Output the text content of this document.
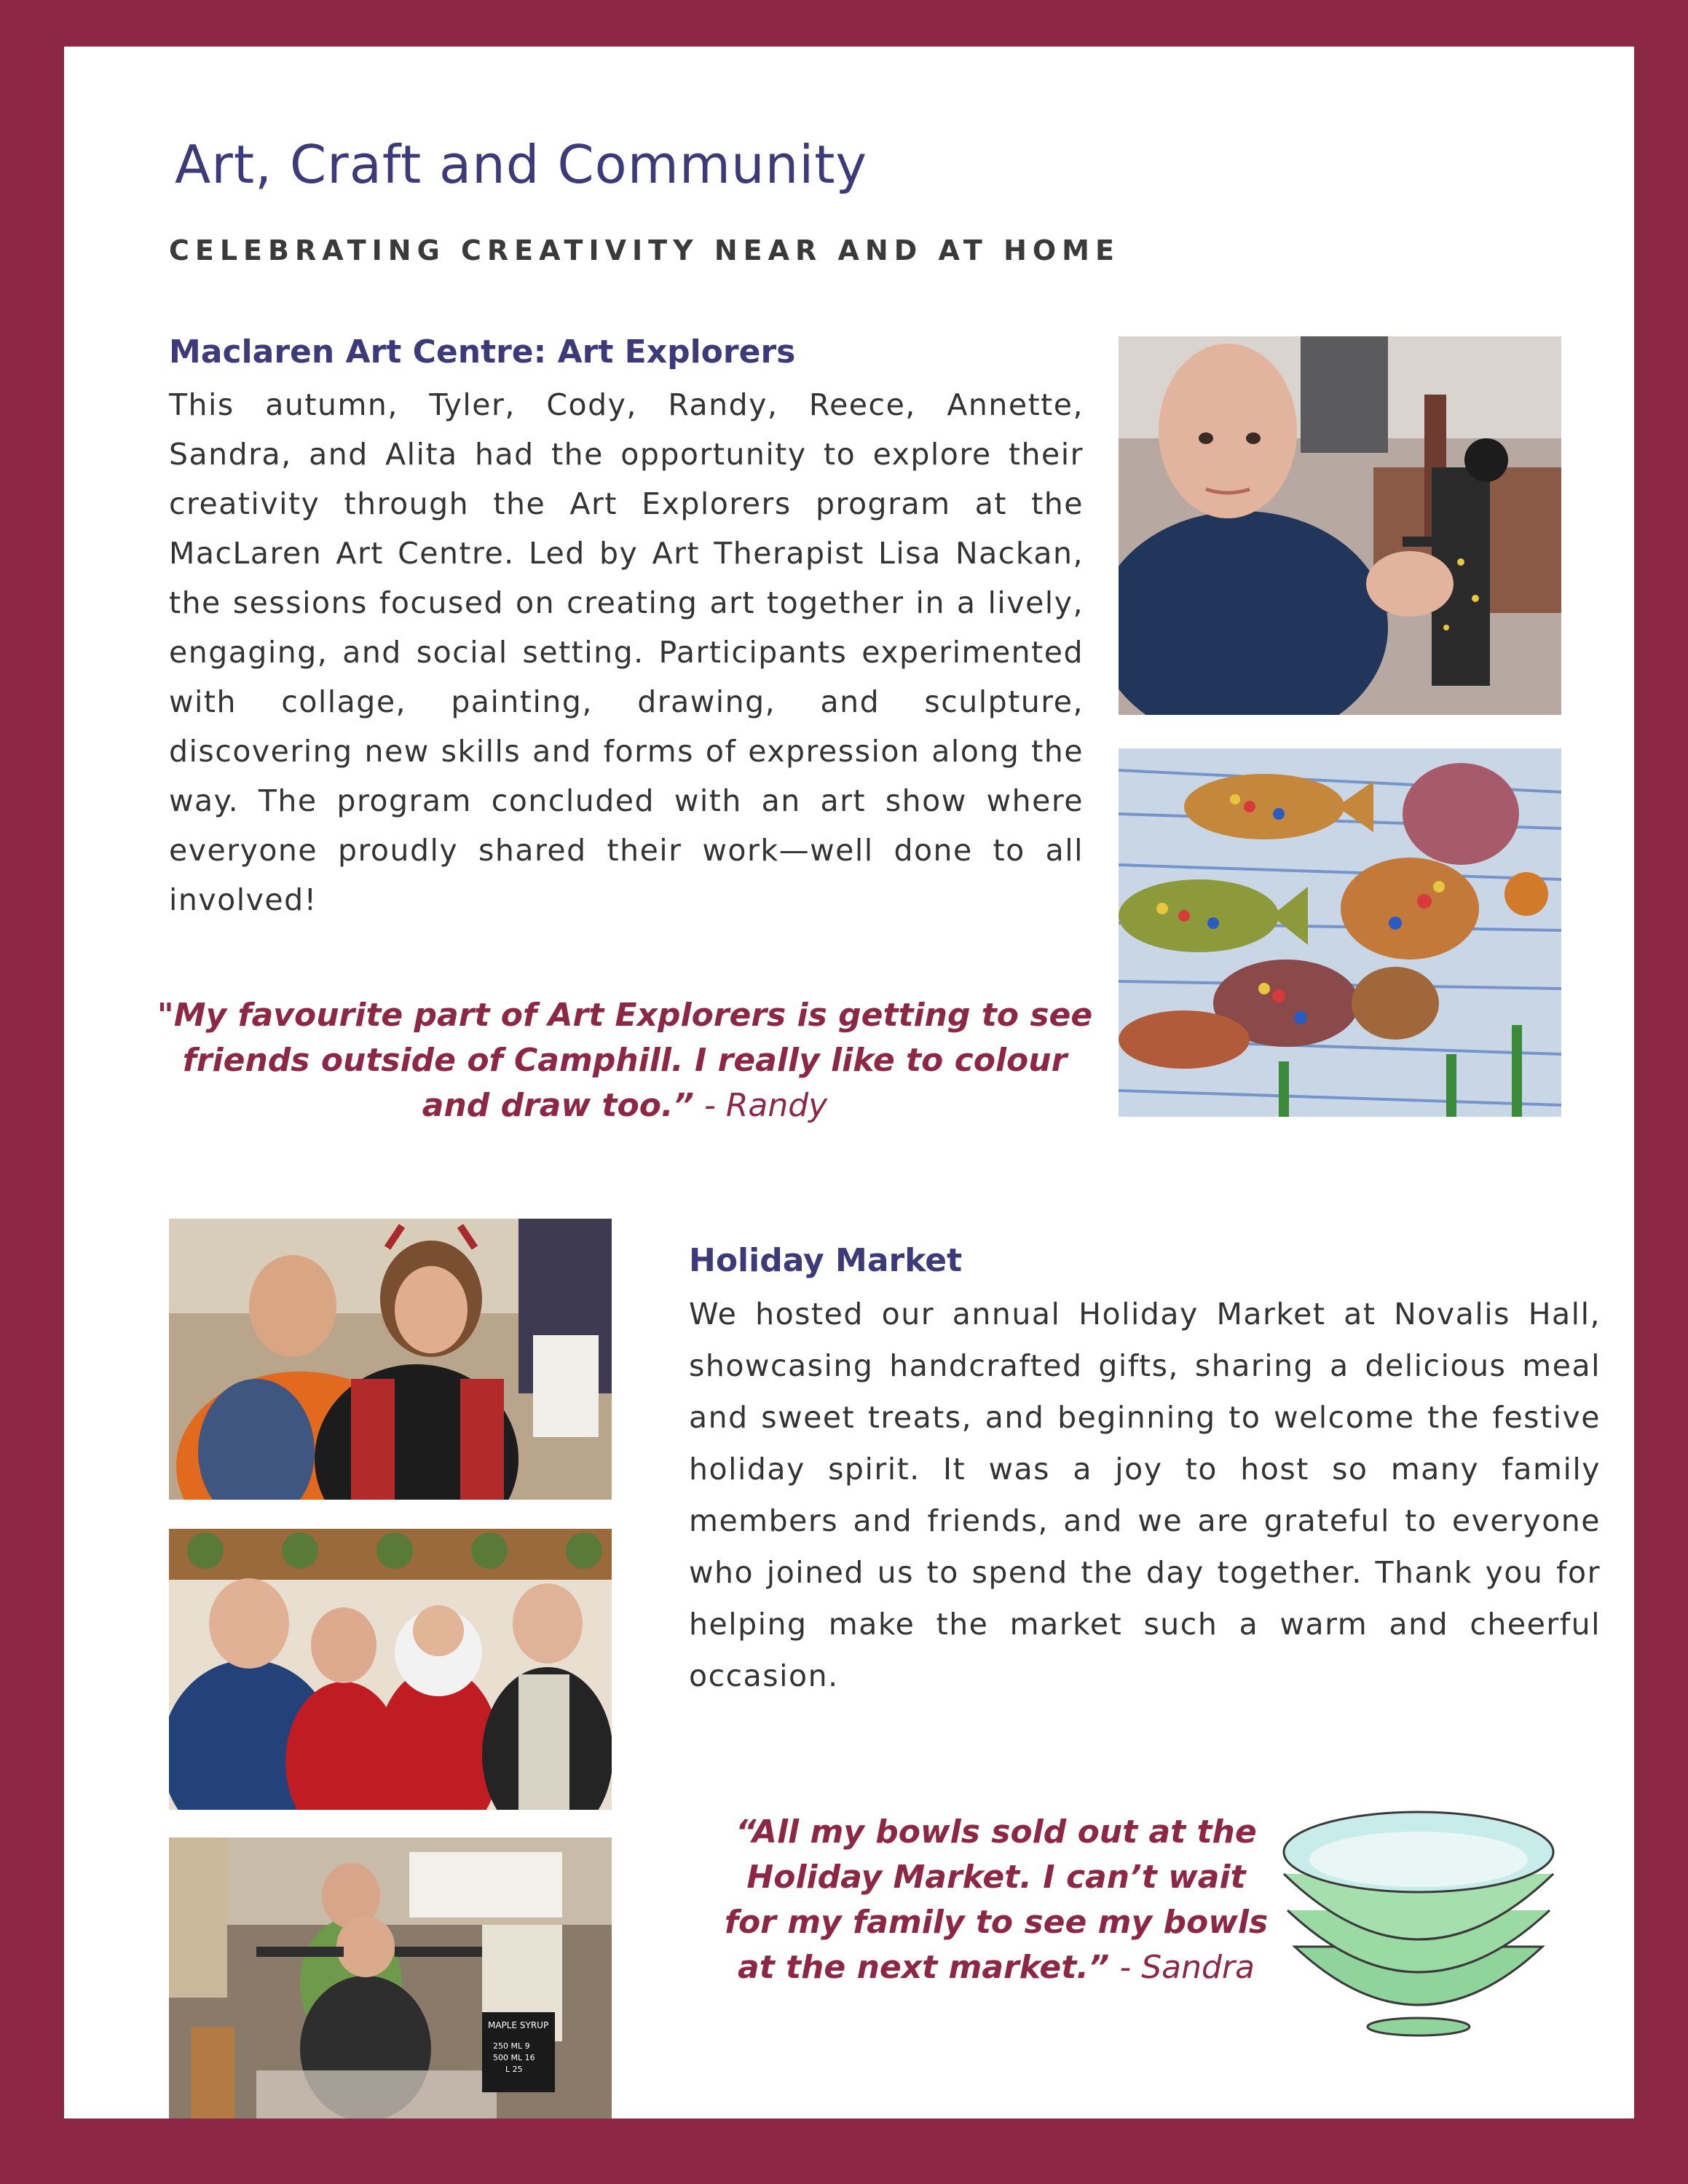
Art, Craft and Community
CELEBRATING CREATIVITY NEAR AND AT HOME
Maclaren Art Centre: Art Explorers
This autumn, Tyler, Cody, Randy, Reece, Annette, Sandra, and Alita had the opportunity to explore their creativity through the Art Explorers program at the MacLaren Art Centre. Led by Art Therapist Lisa Nackan, the sessions focused on creating art together in a lively, engaging, and social setting. Participants experimented with collage, painting, drawing, and sculpture, discovering new skills and forms of expression along the way. The program concluded with an art show where everyone proudly shared their work—well done to all involved!
"My favourite part of Art Explorers is getting to see friends outside of Camphill. I really like to colour and draw too.” - Randy
MAPLE SYRUP
250 ML 9
500 ML 16
L 25
Holiday Market
We hosted our annual Holiday Market at Novalis Hall, showcasing handcrafted gifts, sharing a delicious meal and sweet treats, and beginning to welcome the festive holiday spirit. It was a joy to host so many family members and friends, and we are grateful to everyone who joined us to spend the day together. Thank you for helping make the market such a warm and cheerful occasion.
“All my bowls sold out at the Holiday Market. I can’t wait for my family to see my bowls at the next market.” - Sandra
